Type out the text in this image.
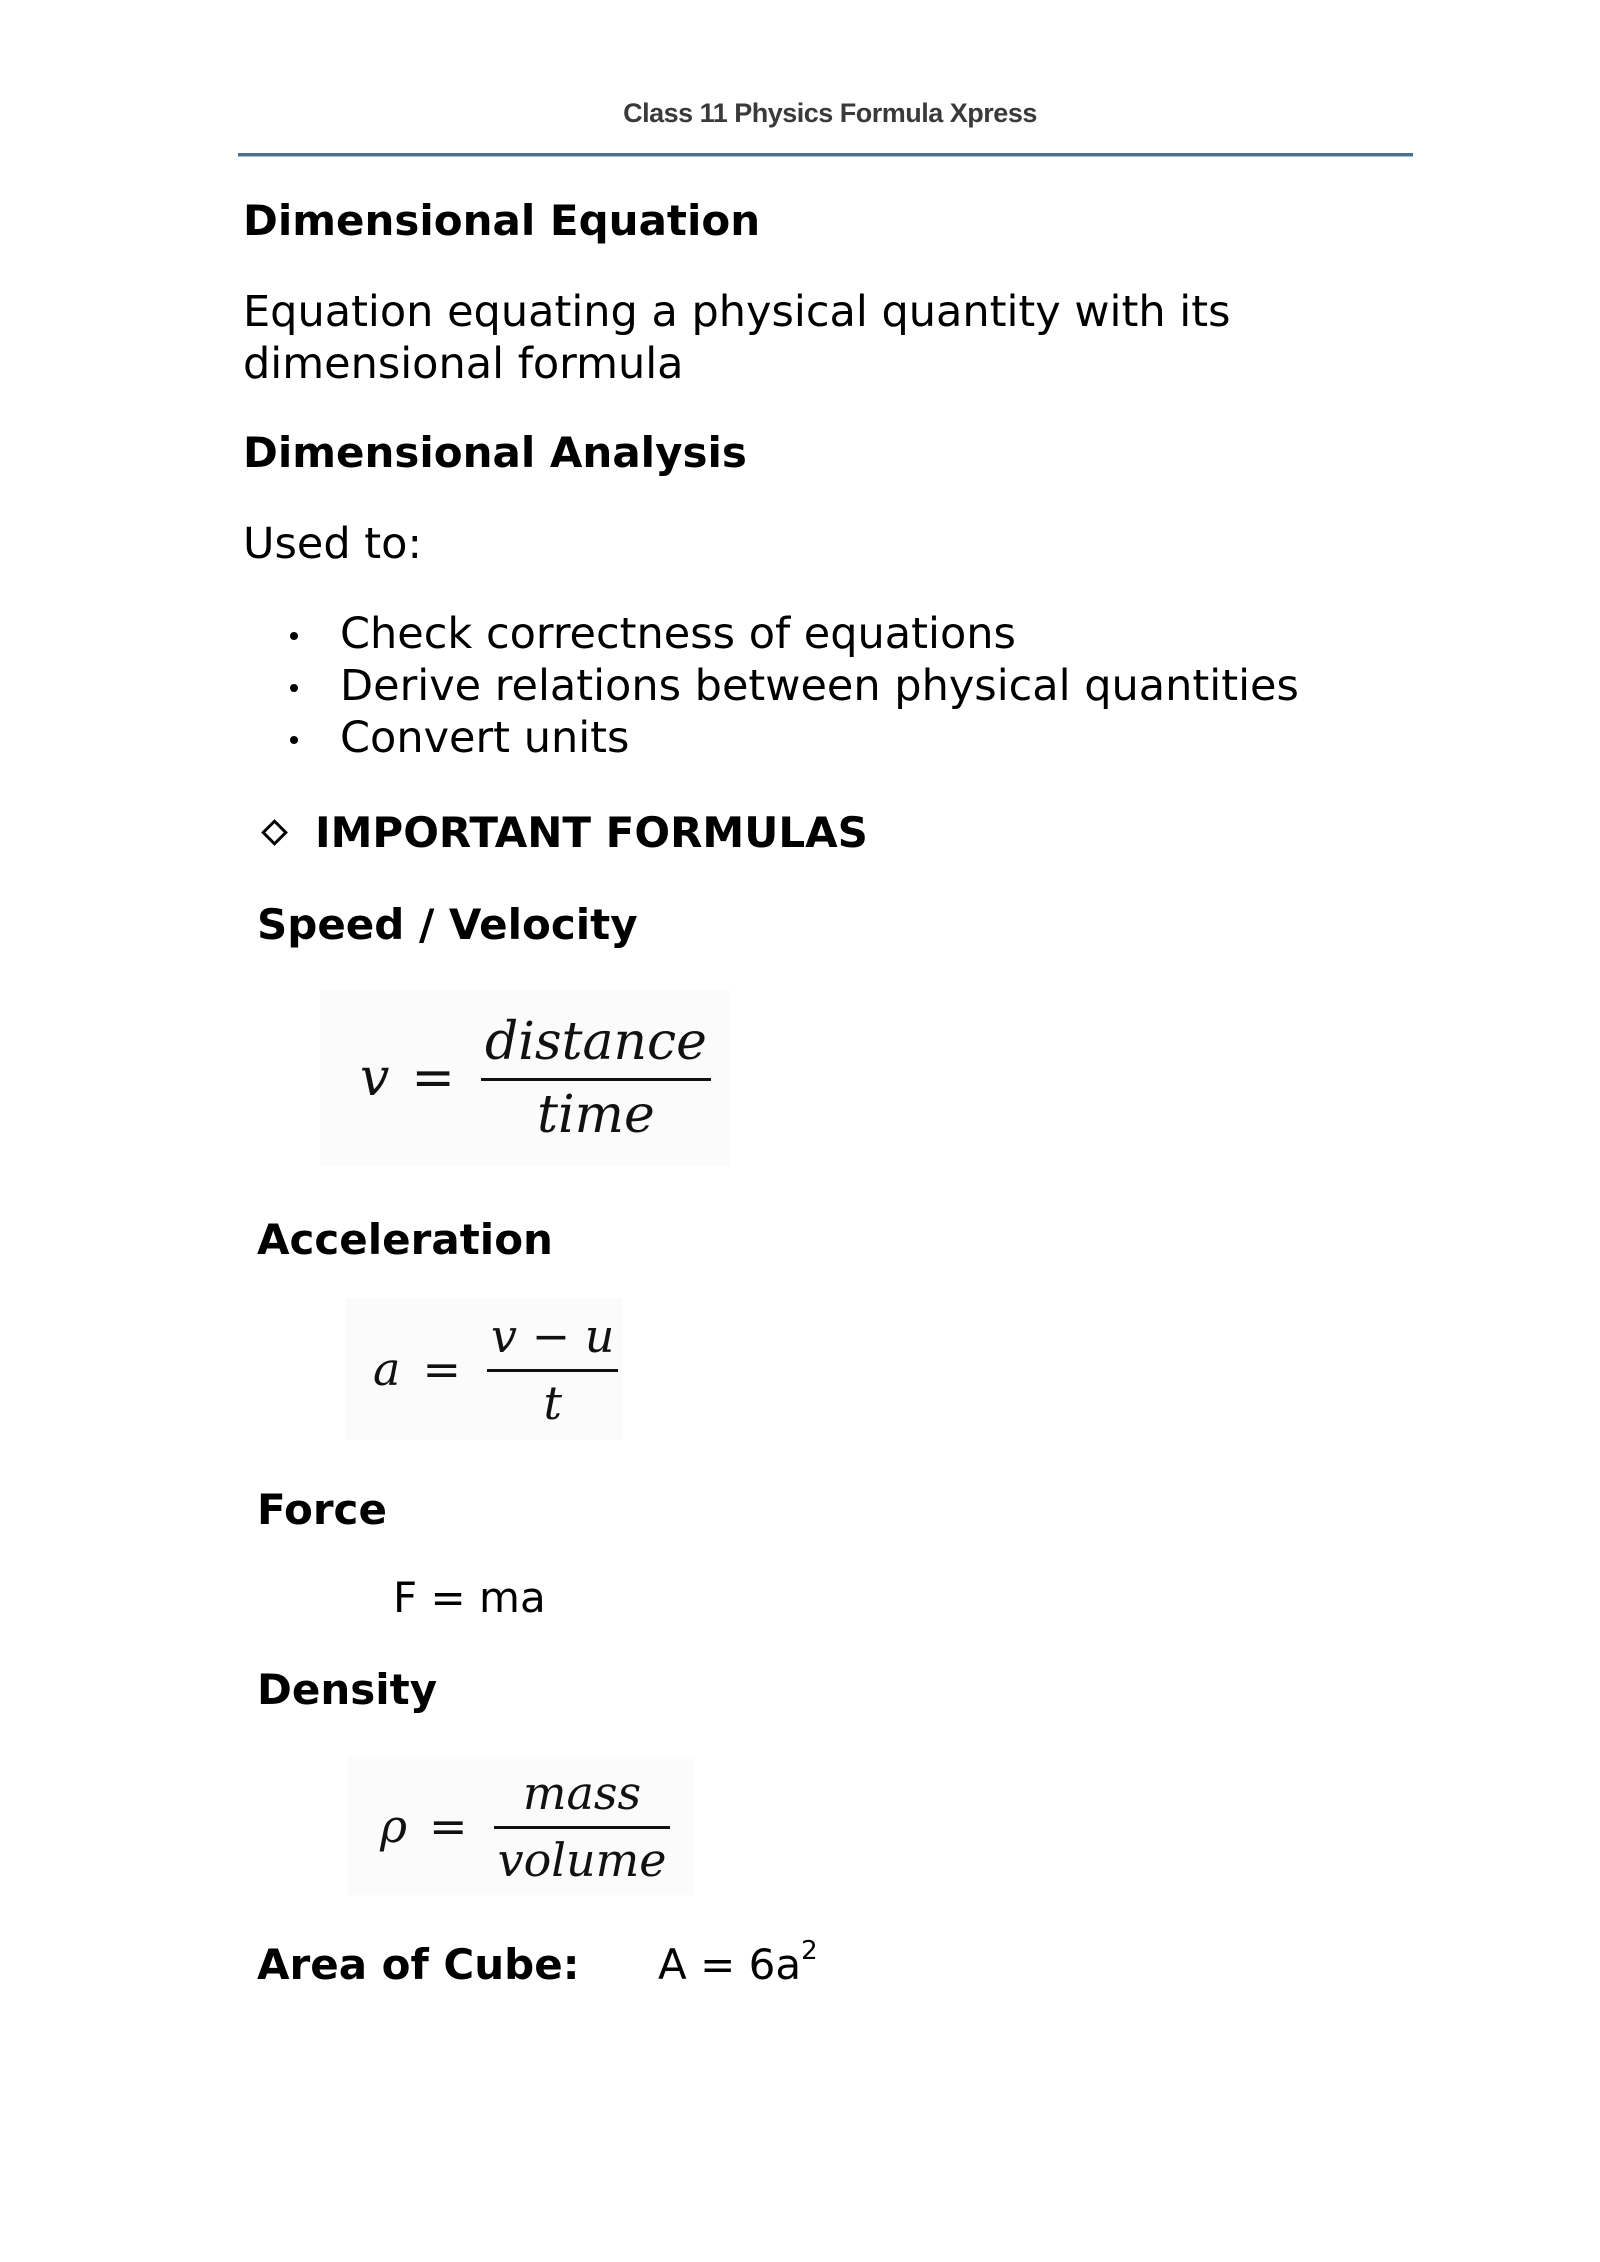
Class 11 Physics Formula Xpress
Dimensional Equation
Equation equating a physical quantity with its
dimensional formula
Dimensional Analysis
Used to:
Check correctness of equations
Derive relations between physical quantities
Convert units
IMPORTANT FORMULAS
Speed / Velocity
$v = \frac{\text{distance}}{\text{time}}$
Acceleration
$a = \frac{v - u}{t}$
Force
F = ma
Density
$\rho = \frac{\text{mass}}{\text{volume}}$
Area of Cube: $A = 6a^2$
